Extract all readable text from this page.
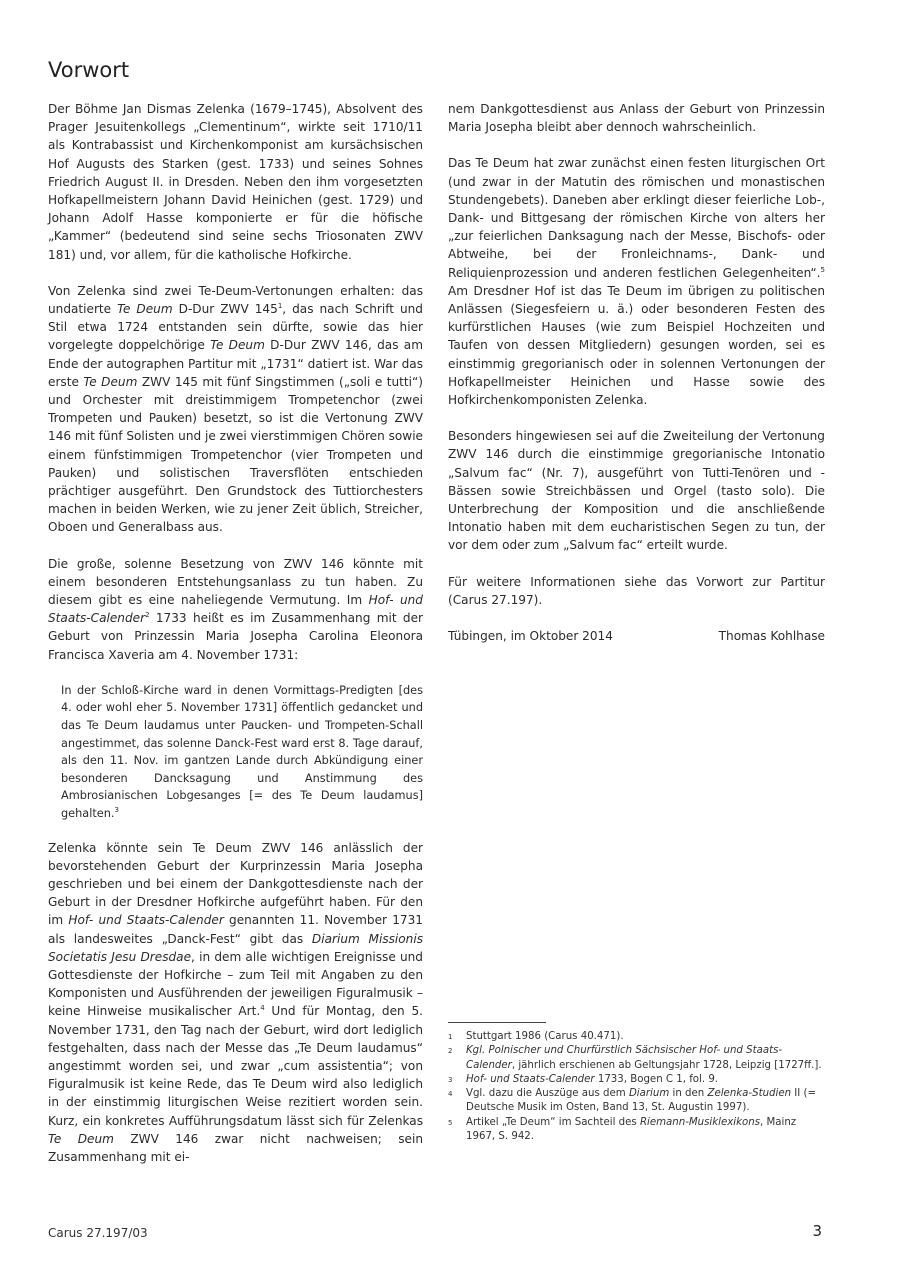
Vorwort

Der Böhme Jan Dismas Zelenka (1679–1745), Absolvent des Prager Jesuitenkollegs „Clementinum“, wirkte seit 1710/11 als Kontrabassist und Kirchenkomponist am kursächsischen Hof Augusts des Starken (gest. 1733) und seines Sohnes Friedrich August II. in Dresden. Neben den ihm vorgesetzten Hofkapellmeistern Johann David Heinichen (gest. 1729) und Johann Adolf Hasse komponierte er für die höfische „Kammer“ (bedeutend sind seine sechs Triosonaten ZWV 181) und, vor allem, für die katholische Hofkirche.

Von Zelenka sind zwei Te-Deum-Vertonungen erhalten: das undatierte Te Deum D-Dur ZWV $145^1$, das nach Schrift und Stil etwa 1724 entstanden sein dürfte, sowie das hier vorgelegte doppelchörige Te Deum D-Dur ZWV 146, das am Ende der autographen Partitur mit „1731“ datiert ist. War das erste Te Deum ZWV 145 mit fünf Singstimmen („soli e tutti“) und Orchester mit dreistimmigem Trompetenchor (zwei Trompeten und Pauken) besetzt, so ist die Vertonung ZWV 146 mit fünf Solisten und je zwei vierstimmigen Chören sowie einem fünfstimmigen Trompetenchor (vier Trompeten und Pauken) und solistischen Traversflöten entschieden prächtiger ausgeführt. Den Grundstock des Tuttiorchesters machen in beiden Werken, wie zu jener Zeit üblich, Streicher, Oboen und Generalbass aus.

Die große, solenne Besetzung von ZWV 146 könnte mit einem besonderen Entstehungsanlass zu tun haben. Zu diesem gibt es eine naheliegende Vermutung. Im Hof- und Staats-Calender$^2$ 1733 heißt es im Zusammenhang mit der Geburt von Prinzessin Maria Josepha Carolina Eleonora Francisca Xaveria am 4. November 1731:

In der Schloß-Kirche ward in denen Vormittags-Predigten [des 4. oder wohl eher 5. November 1731] öffentlich gedancket und das Te Deum laudamus unter Paucken- und Trompeten-Schall angestimmet, das solenne Danck-Fest ward erst 8. Tage darauf, als den 11. Nov. im gantzen Lande durch Abkündigung einer besonderen Dancksagung und Anstimmung des Ambrosianischen Lobgesanges [= des Te Deum laudamus] gehalten.$^3$

Zelenka könnte sein Te Deum ZWV 146 anlässlich der bevorstehenden Geburt der Kurprinzessin Maria Josepha geschrieben und bei einem der Dankgottesdienste nach der Geburt in der Dresdner Hofkirche aufgeführt haben. Für den im Hof- und Staats-Calender genannten 11. November 1731 als landesweites „Danck-Fest“ gibt das Diarium Missionis Societatis Jesu Dresdae, in dem alle wichtigen Ereignisse und Gottesdienste der Hofkirche – zum Teil mit Angaben zu den Komponisten und Ausführenden der jeweiligen Figuralmusik – keine Hinweise musikalischer Art.$^4$ Und für Montag, den 5. November 1731, den Tag nach der Geburt, wird dort lediglich festgehalten, dass nach der Messe das „Te Deum laudamus“ angestimmt worden sei, und zwar „cum assistentia“; von Figuralmusik ist keine Rede, das Te Deum wird also lediglich in der einstimmig liturgischen Weise rezitiert worden sein. Kurz, ein konkretes Aufführungsdatum lässt sich für Zelenkas Te Deum ZWV 146 zwar nicht nachweisen; sein Zusammenhang mit ei-

nem Dankgottesdienst aus Anlass der Geburt von Prinzessin Maria Josepha bleibt aber dennoch wahrscheinlich.

Das Te Deum hat zwar zunächst einen festen liturgischen Ort (und zwar in der Matutin des römischen und monastischen Stundengebets). Daneben aber erklingt dieser feierliche Lob-, Dank- und Bittgesang der römischen Kirche von alters her „zur feierlichen Danksagung nach der Messe, Bischofs- oder Abtweihe, bei der Fronleichnams-, Dank- und Reliquienprozession und anderen festlichen Gelegenheiten“.$^5$ Am Dresdner Hof ist das Te Deum im übrigen zu politischen Anlässen (Siegesfeiern u. ä.) oder besonderen Festen des kurfürstlichen Hauses (wie zum Beispiel Hochzeiten und Taufen von dessen Mitgliedern) gesungen worden, sei es einstimmig gregorianisch oder in solennen Vertonungen der Hofkapellmeister Heinichen und Hasse sowie des Hofkirchenkomponisten Zelenka.

Besonders hingewiesen sei auf die Zweiteilung der Vertonung ZWV 146 durch die einstimmige gregorianische Intonatio „Salvum fac“ (Nr. 7), ausgeführt von Tutti-Tenören und -Bässen sowie Streichbässen und Orgel (tasto solo). Die Unterbrechung der Komposition und die anschließende Intonatio haben mit dem eucharistischen Segen zu tun, der vor dem oder zum „Salvum fac“ erteilt wurde.

Für weitere Informationen siehe das Vorwort zur Partitur (Carus 27.197).

Tübingen, im Oktober 2014	Thomas Kohlhase
1	Stuttgart 1986 (Carus 40.471).
2	Kgl. Polnischer und Churfürstlich Sächsischer Hof- und Staats-Calender, jährlich erschienen ab Geltungsjahr 1728, Leipzig [1727ff.].
3	Hof- und Staats-Calender 1733, Bogen C 1, fol. 9.
4	Vgl. dazu die Auszüge aus dem Diarium in den Zelenka-Studien II (= Deutsche Musik im Osten, Band 13, St. Augustin 1997).
5	Artikel „Te Deum“ im Sachteil des Riemann-Musiklexikons, Mainz 1967, S. 942.
Carus 27.197/03	3
